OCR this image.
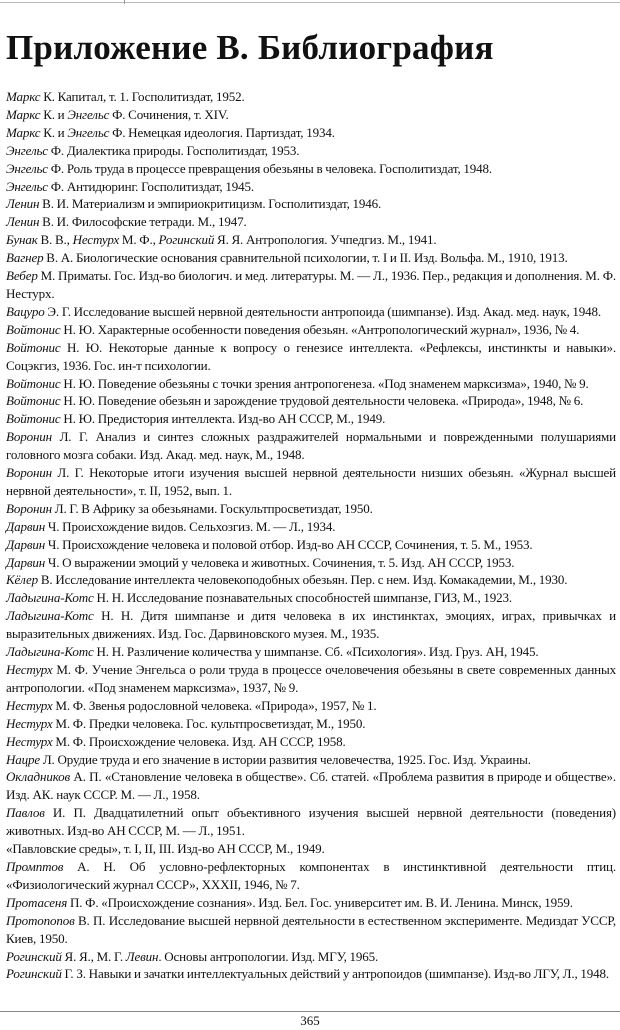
Приложение В. Библиография

Маркс К. Капитал, т. 1. Госполитиздат, 1952.

Маркс К. и Энгельс Ф. Сочинения, т. XIV.

Маркс К. и Энгельс Ф. Немецкая идеология. Партиздат, 1934.

Энгельс Ф. Диалектика природы. Госполитиздат, 1953.

Энгельс Ф. Роль труда в процессе превращения обезьяны в человека. Госполитиздат, 1948.

Энгельс Ф. Антидюринг. Госполитиздат, 1945.

Ленин В. И. Материализм и эмпириокритицизм. Госполитиздат, 1946.

Ленин В. И. Философские тетради. М., 1947.

Бунак В. В., Нестурх М. Ф., Рогинский Я. Я. Антропология. Учпедгиз. М., 1941.

Вагнер В. А. Биологические основания сравнительной психологии, т. I и II. Изд. Вольфа. М., 1910, 1913.

Вебер М. Приматы. Гос. Изд-во биологич. и мед. литературы. М. — Л., 1936. Пер., редакция и дополнения. М. Ф. Нестурх.

Вацуро Э. Г. Исследование высшей нервной деятельности антропоида (шимпанзе). Изд. Акад. мед. наук, 1948.

Войтонис Н. Ю. Характерные особенности поведения обезьян. «Антропологический журнал», 1936, № 4.

Войтонис Н. Ю. Некоторые данные к вопросу о генезисе интеллекта. «Рефлексы, инстинкты и навыки». Соцэкгиз, 1936. Гос. ин-т психологии.

Войтонис Н. Ю. Поведение обезьяны с точки зрения антропогенеза. «Под знаменем марксизма», 1940, № 9.

Войтонис Н. Ю. Поведение обезьян и зарождение трудовой деятельности человека. «Природа», 1948, № 6.

Войтонис Н. Ю. Предистория интеллекта. Изд-во АН СССР, М., 1949.

Воронин Л. Г. Анализ и синтез сложных раздражителей нормальными и поврежденными полушариями головного мозга собаки. Изд. Акад. мед. наук, М., 1948.

Воронин Л. Г. Некоторые итоги изучения высшей нервной деятельности низших обезьян. «Журнал высшей нервной деятельности», т. II, 1952, вып. 1.

Воронин Л. Г. В Африку за обезьянами. Госкультпросветиздат, 1950.

Дарвин Ч. Происхождение видов. Сельхозгиз. М. — Л., 1934.

Дарвин Ч. Происхождение человека и половой отбор. Изд-во АН СССР, Сочинения, т. 5. М., 1953.

Дарвин Ч. О выражении эмоций у человека и животных. Сочинения, т. 5. Изд. АН СССР, 1953.

Кёлер В. Исследование интеллекта человекоподобных обезьян. Пер. с нем. Изд. Комакадемии, М., 1930.

Ладыгина-Котс Н. Н. Исследование познавательных способностей шимпанзе, ГИЗ, М., 1923.

Ладыгина-Котс Н. Н. Дитя шимпанзе и дитя человека в их инстинктах, эмоциях, играх, привычках и выразительных движениях. Изд. Гос. Дарвиновского музея. М., 1935.

Ладыгина-Котс Н. Н. Различение количества у шимпанзе. Сб. «Психология». Изд. Груз. АН, 1945.

Нестурх М. Ф. Учение Энгельса о роли труда в процессе очеловечения обезьяны в свете современных данных антропологии. «Под знаменем марксизма», 1937, № 9.

Нестурх М. Ф. Звенья родословной человека. «Природа», 1957, № 1.

Нестурх М. Ф. Предки человека. Гос. культпросветиздат, М., 1950.

Нестурх М. Ф. Происхождение человека. Изд. АН СССР, 1958.

Нацре Л. Орудие труда и его значение в истории развития человечества, 1925. Гос. Изд. Украины.

Окладников А. П. «Становление человека в обществе». Сб. статей. «Проблема развития в природе и обществе». Изд. АК. наук СССР. М. — Л., 1958.

Павлов И. П. Двадцатилетний опыт объективного изучения высшей нервной деятельности (поведения) животных. Изд-во АН СССР, М. — Л., 1951.

«Павловские среды», т. I, II, III. Изд-во АН СССР, М., 1949.

Промптов А. Н. Об условно-рефлекторных компонентах в инстинктивной деятельности птиц. «Физиологический журнал СССР», XXXII, 1946, № 7.

Протасеня П. Ф. «Происхождение сознания». Изд. Бел. Гос. университет им. В. И. Ленина. Минск, 1959.

Протопопов В. П. Исследование высшей нервной деятельности в естественном эксперименте. Медиздат УССР, Киев, 1950.

Рогинский Я. Я., М. Г. Левин. Основы антропологии. Изд. МГУ, 1965.

Рогинский Г. З. Навыки и зачатки интеллектуальных действий у антропоидов (шимпанзе). Изд-во ЛГУ, Л., 1948.

365
